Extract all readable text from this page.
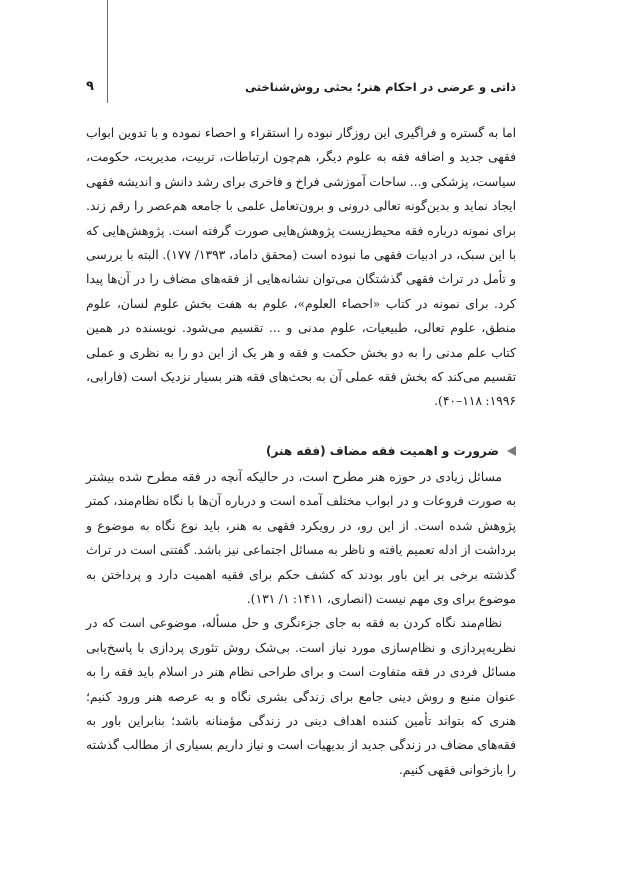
۹	ذاتی و عرضی در احکام هنر؛ بحثی روش‌شناختی

اما به گستره و فراگیری این روزگار نبوده را استقراء و احصاء نموده و با تدوین ابواب فقهی جدید و اضافه فقه به علوم دیگر، هم‌چون ارتباطات، تربیت، مدیریت، حکومت، سیاست، پزشکی و... ساحات آموزشی فراخ و فاخری برای رشد دانش و اندیشه فقهی ایجاد نماید و بدین‌گونه تعالی درونی و برون‌تعامل علمی با جامعه هم‌عصر را رقم زند. برای نمونه درباره فقه محیط‌زیست پژوهش‌هایی صورت گرفته است. پژوهش‌هایی که با این سبک، در ادبیات فقهی ما نبوده است (محقق داماد، ۱۳۹۳/ ۱۷۷). البته با بررسی و تأمل در تراث فقهی گذشتگان می‌توان نشانه‌هایی از فقه‌های مضاف را در آن‌ها پیدا کرد. برای نمونه در کتاب «احصاء العلوم»، علوم به هفت بخش علوم لسان، علوم منطق، علوم تعالی، طبیعیات، علوم مدنی و ... تقسیم می‌شود. نویسنده در همین کتاب علم مدنی را به دو بخش حکمت و فقه و هر یک از این دو را به نظری و عملی تقسیم می‌کند که بخش فقه عملی آن به بحث‌های فقه هنر بسیار نزدیک است (فارابی، ۱۹۹۶: ۱۱۸–۴۰).

ضرورت و اهمیت فقه مضاف (فقه هنر)

مسائل زیادی در حوزه هنر مطرح است، در حالیکه آنچه در فقه مطرح شده بیشتر به صورت فروعات و در ابواب مختلف آمده است و درباره آن‌ها با نگاه نظام‌مند، کمتر پژوهش شده است. از این رو، در رویکرد فقهی به هنر، باید نوع نگاه به موضوع و برداشت از ادله تعمیم یافته و ناظر به مسائل اجتماعی نیز باشد. گفتنی است در تراث گذشته برخی بر این باور بودند که کشف حکم برای فقیه اهمیت دارد و پرداختن به موضوع برای وی مهم نیست (انصاری، ۱۴۱۱: ۱/ ۱۳۱).

نظام‌مند نگاه کردن به فقه به جای جزءنگری و حل مسأله، موضوعی است که در نظریه‌پردازی و نظام‌سازی مورد نیاز است. بی‌شک روش تئوری پردازی با پاسخ‌یابی مسائل فردی در فقه متفاوت است و برای طراحی نظام هنر در اسلام باید فقه را به عنوان منبع و روش دینی جامع برای زندگی بشری نگاه و به عرصه هنر ورود کنیم؛ هنری که بتواند تأمین کننده اهداف دینی در زندگی مؤمنانه باشد؛ بنابراین باور به فقه‌های مضاف در زندگی جدید از بدیهیات است و نیاز داریم بسیاری از مطالب گذشته را بازخوانی فقهی کنیم.
